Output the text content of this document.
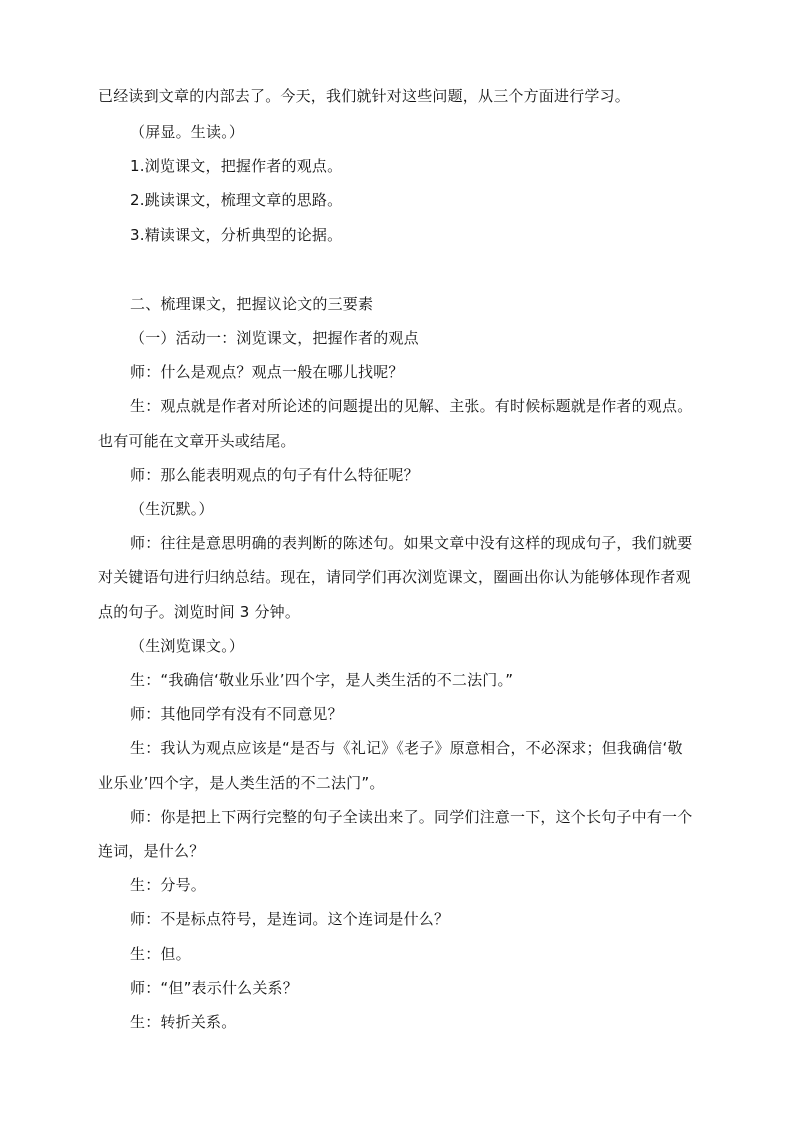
已经读到文章的内部去了。今天，我们就针对这些问题，从三个方面进行学习。
（屏显。生读。）
1.浏览课文，把握作者的观点。
2.跳读课文，梳理文章的思路。
3.精读课文，分析典型的论据。
二、梳理课文，把握议论文的三要素
（一）活动一：浏览课文，把握作者的观点
师：什么是观点？观点一般在哪儿找呢？
生：观点就是作者对所论述的问题提出的见解、主张。有时候标题就是作者的观点。
也有可能在文章开头或结尾。
师：那么能表明观点的句子有什么特征呢？
（生沉默。）
师：往往是意思明确的表判断的陈述句。如果文章中没有这样的现成句子，我们就要
对关键语句进行归纳总结。现在，请同学们再次浏览课文，圈画出你认为能够体现作者观
点的句子。浏览时间 3 分钟。
（生浏览课文。）
生：“我确信‘敬业乐业’四个字，是人类生活的不二法门。”
师：其他同学有没有不同意见？
生：我认为观点应该是“是否与《礼记》《老子》原意相合，不必深求；但我确信‘敬
业乐业’四个字，是人类生活的不二法门”。
师：你是把上下两行完整的句子全读出来了。同学们注意一下，这个长句子中有一个
连词，是什么？
生：分号。
师：不是标点符号，是连词。这个连词是什么？
生：但。
师：“但”表示什么关系？
生：转折关系。
